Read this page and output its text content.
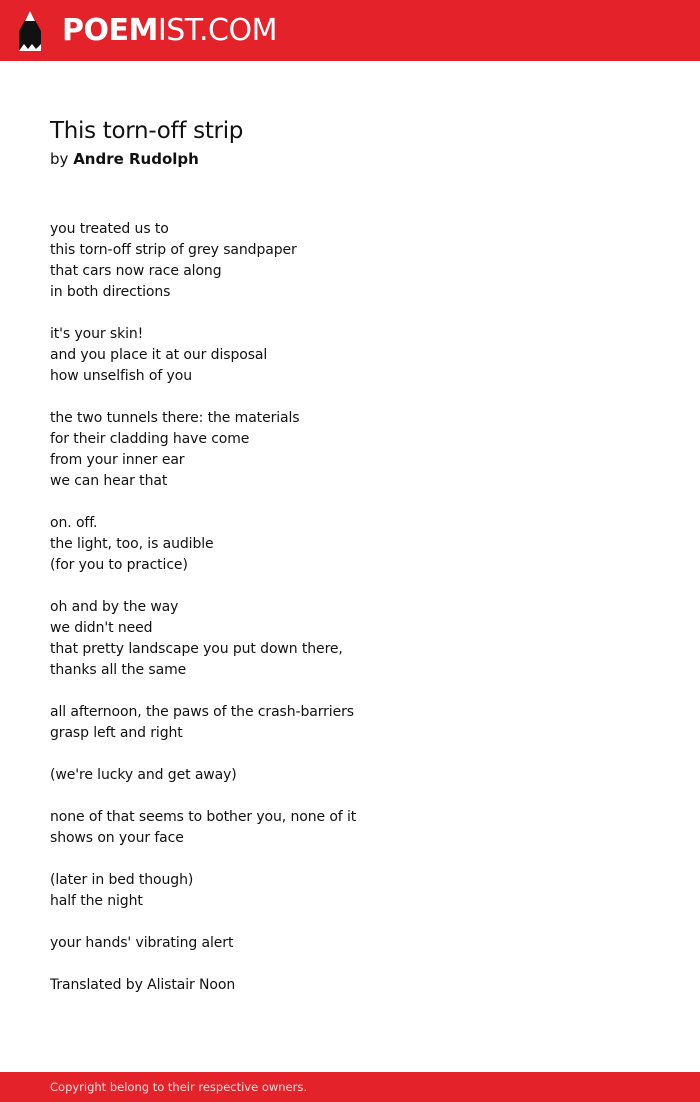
POEMIST.COM
This torn-off strip
by Andre Rudolph
you treated us to
this torn-off strip of grey sandpaper
that cars now race along
in both directions
it's your skin!
and you place it at our disposal
how unselfish of you
the two tunnels there: the materials
for their cladding have come
from your inner ear
we can hear that
on. off.
the light, too, is audible
(for you to practice)
oh and by the way
we didn't need
that pretty landscape you put down there,
thanks all the same
all afternoon, the paws of the crash-barriers
grasp left and right
(we're lucky and get away)
none of that seems to bother you, none of it
shows on your face
(later in bed though)
half the night
your hands' vibrating alert
Translated by Alistair Noon
Copyright belong to their respective owners.
